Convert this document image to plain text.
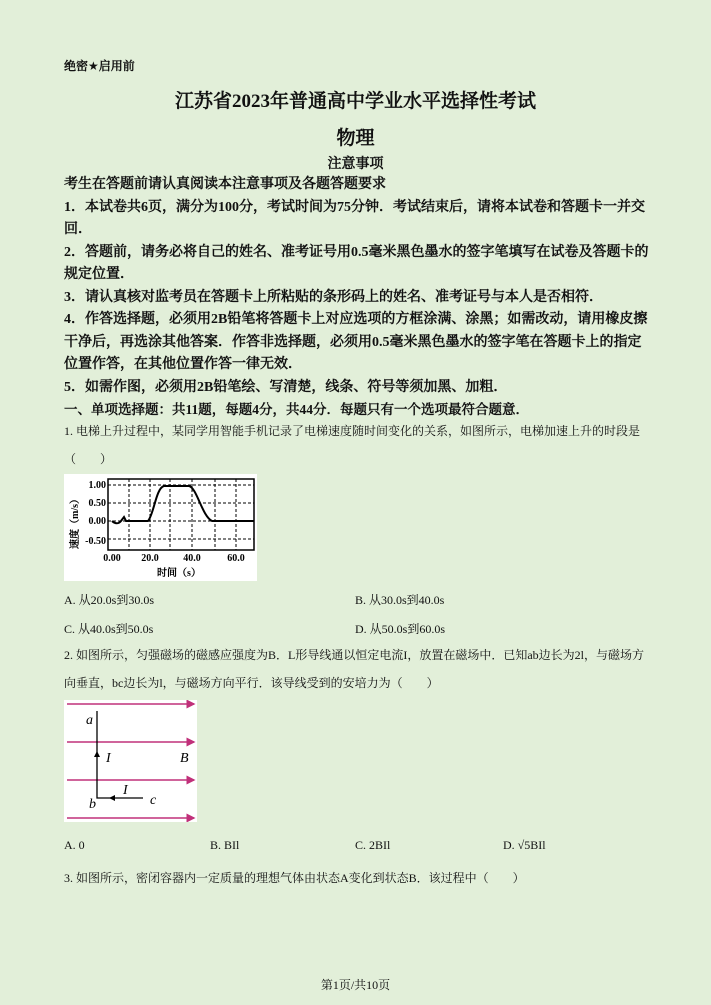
绝密★启用前
江苏省2023年普通高中学业水平选择性考试
物理
注意事项

考生在答题前请认真阅读本注意事项及各题答题要求

1．本试卷共6页，满分为100分，考试时间为75分钟．考试结束后，请将本试卷和答题卡一并交回．

2．答题前，请务必将自己的姓名、准考证号用0.5毫米黑色墨水的签字笔填写在试卷及答题卡的规定位置．

3．请认真核对监考员在答题卡上所粘贴的条形码上的姓名、准考证号与本人是否相符．

4．作答选择题，必须用2B铅笔将答题卡上对应选项的方框涂满、涂黑；如需改动，请用橡皮擦干净后，再选涂其他答案．作答非选择题，必须用0.5毫米黑色墨水的签字笔在答题卡上的指定位置作答，在其他位置作答一律无效．

5．如需作图，必须用2B铅笔绘、写清楚，线条、符号等须加黑、加粗．

一、单项选择题：共11题，每题4分，共44分．每题只有一个选项最符合题意．

1. 电梯上升过程中，某同学用智能手机记录了电梯速度随时间变化的关系，如图所示，电梯加速上升的时段是（　　）
1.00
0.50
0.00
-0.50
0.00 20.0 40.0	60.0
时间（s）
速度（m/s）
A. 从20.0s到30.0s	B. 从30.0s到40.0s
C. 从40.0s到50.0s	D. 从50.0s到60.0s
2. 如图所示，匀强磁场的磁感应强度为B．L形导线通以恒定电流I，放置在磁场中．已知ab边长为2l，与磁场方向垂直，bc边长为l，与磁场方向平行．该导线受到的安培力为（　　）
a
I	B
I
b	c
A. 0	B. BIl	C. 2BIl	D. √5BIl
3. 如图所示，密闭容器内一定质量的理想气体由状态A变化到状态B．该过程中（　　）
第1页/共10页
